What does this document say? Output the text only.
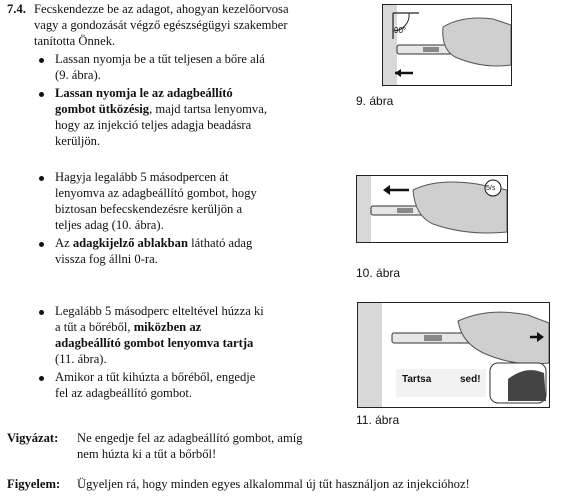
7.4. Fecskendezze be az adagot, ahogyan kezelőorvosa
vagy a gondozását végző egészségügyi szakember
tanította Önnek.
Lassan nyomja be a tűt teljesen a bőre alá
(9. ábra).
Lassan nyomja le az adagbeállító
gombot ütközésig, majd tartsa lenyomva,
hogy az injekció teljes adagja beadásra
kerüljön.
Hagyja legalább 5 másodpercen át
lenyomva az adagbeállító gombot, hogy
biztosan befecskendezésre kerüljön a
teljes adag (10. ábra).
Az adagkijelző ablakban látható adag
vissza fog állni 0-ra.
Legalább 5 másodperc elteltével húzza ki
a tűt a bőréből, miközben az
adagbeállító gombot lenyomva tartja
(11. ábra).
Amikor a tűt kihúzta a bőréből, engedje
fel az adagbeállító gombot.
90°
9. ábra
5/s
10. ábra
Tartsa	sed!
11. ábra
Vigyázat: Ne engedje fel az adagbeállító gombot, amíg
nem húzta ki a tűt a bőrből!
Figyelem: Ügyeljen rá, hogy minden egyes alkalommal új tűt használjon az injekcióhoz!
